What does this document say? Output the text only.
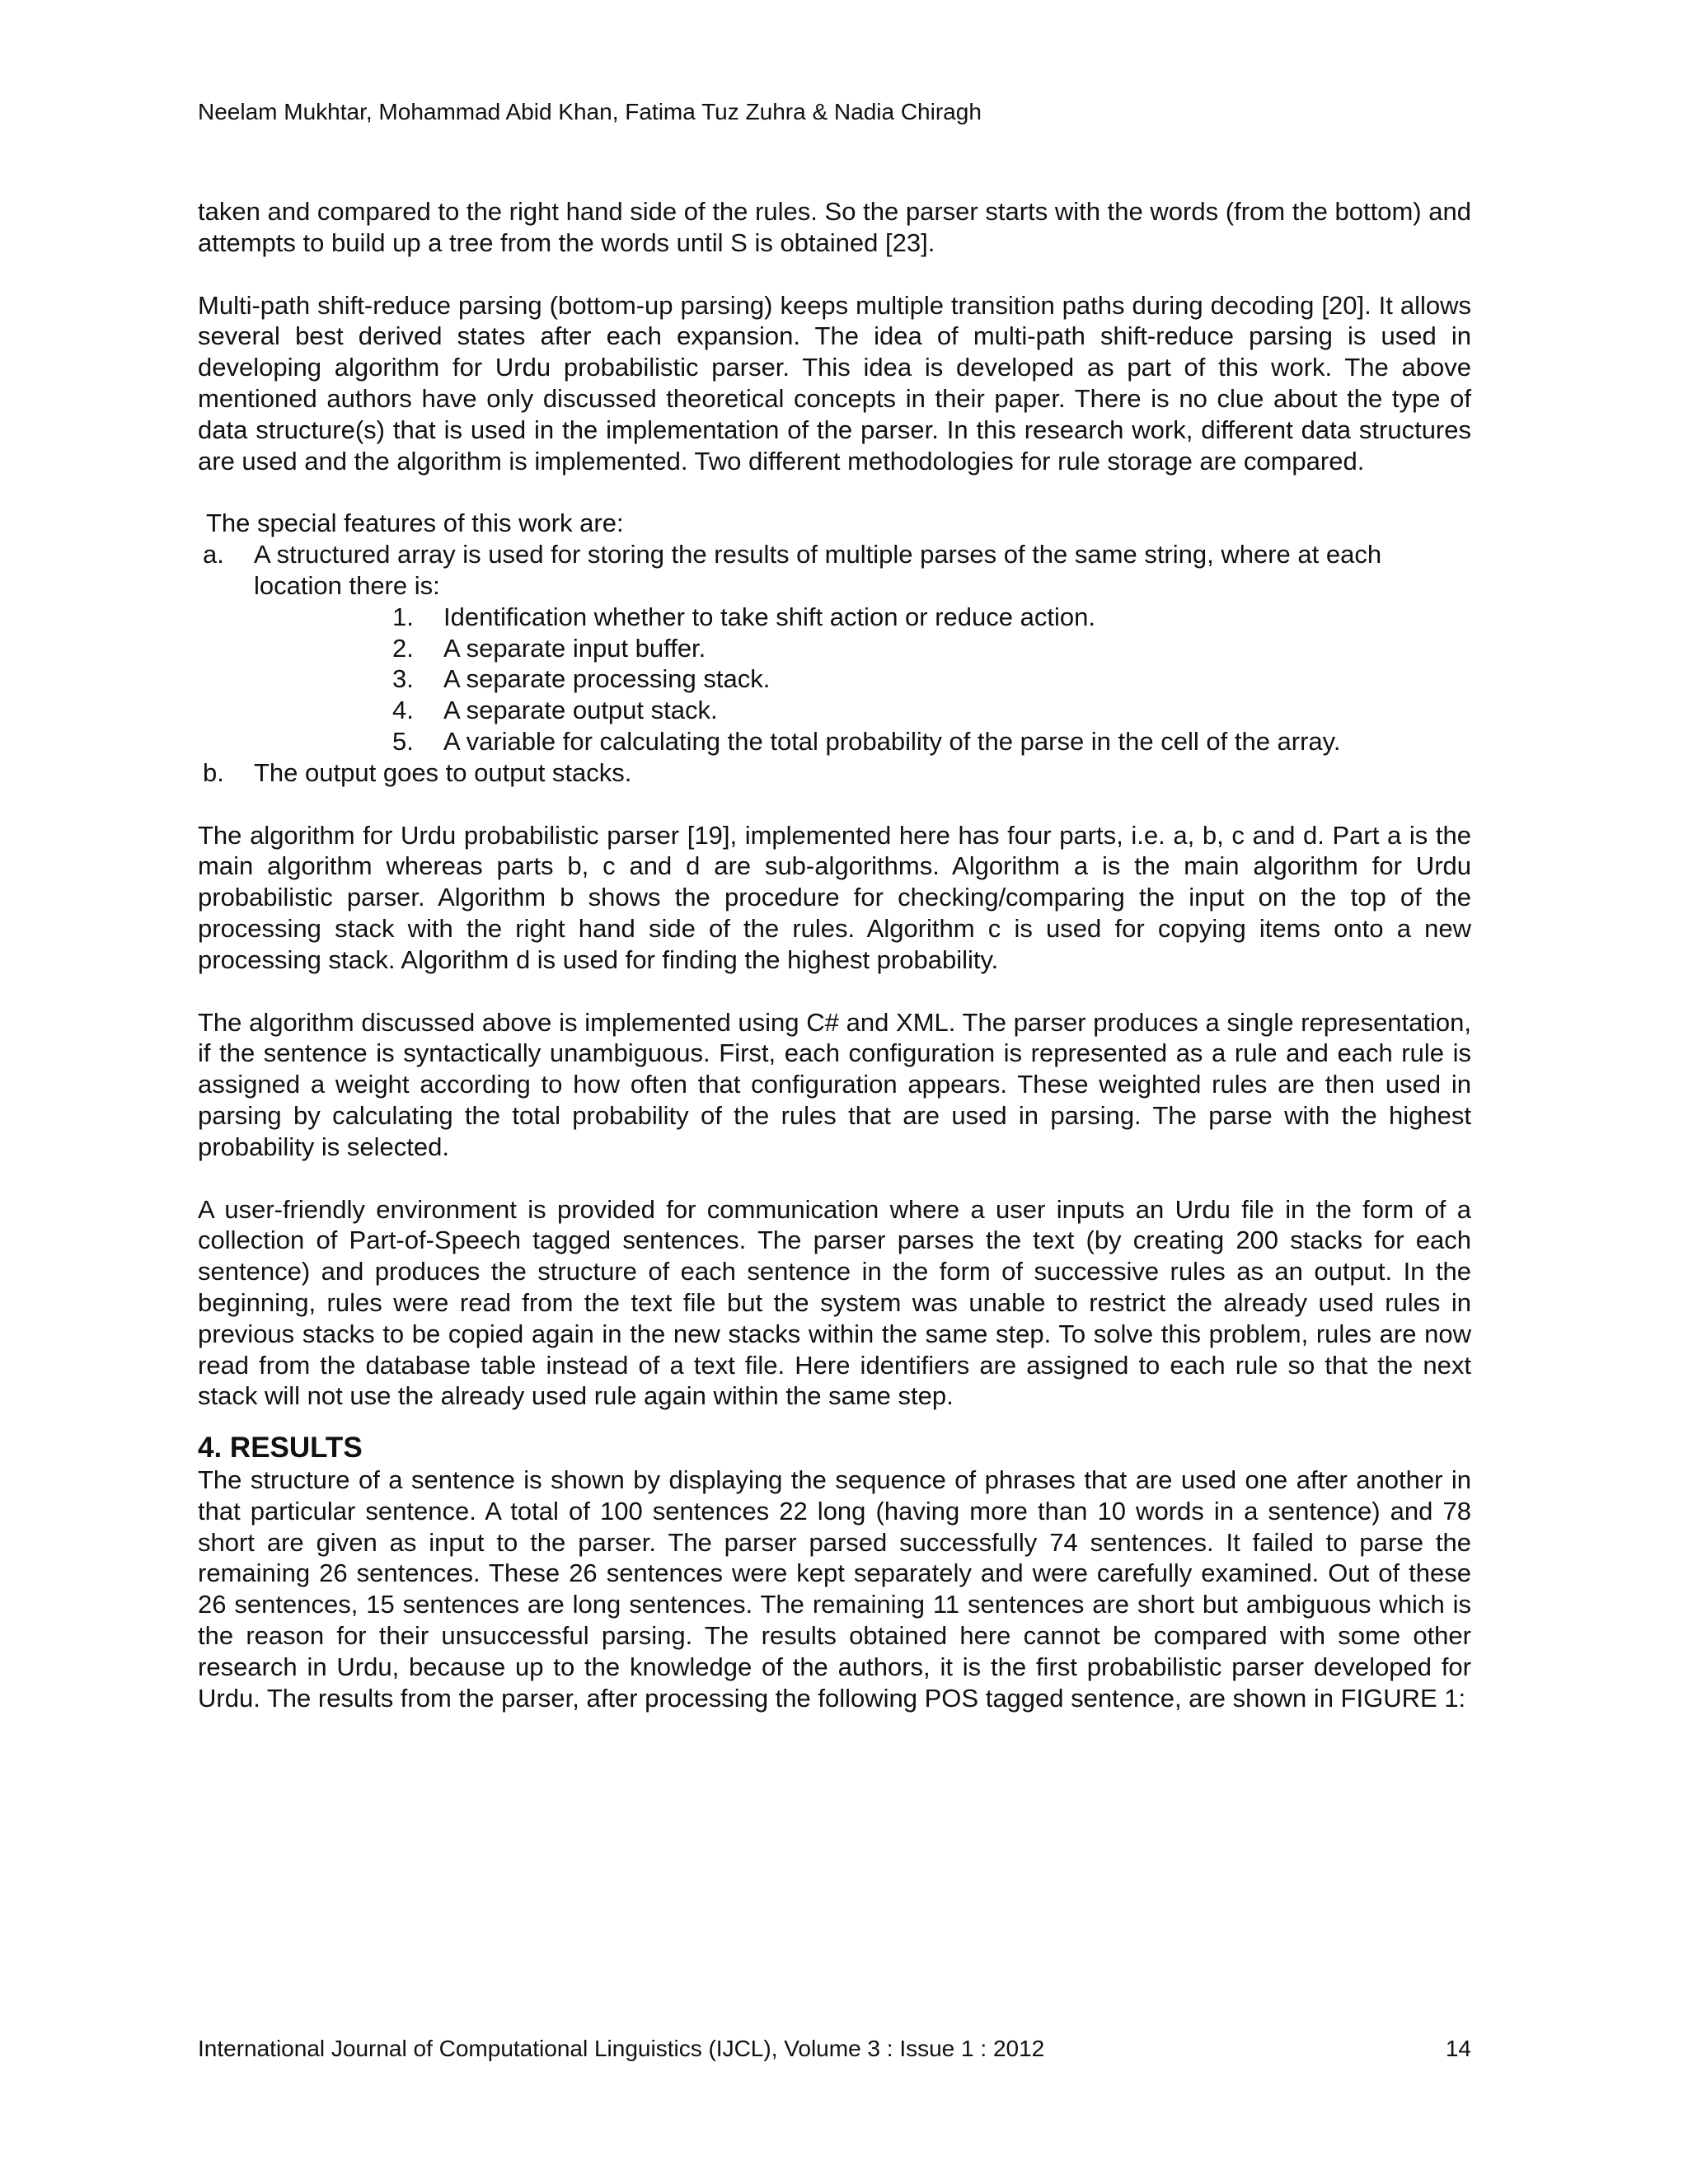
Neelam Mukhtar, Mohammad Abid Khan, Fatima Tuz Zuhra & Nadia Chiragh

taken and compared to the right hand side of the rules. So the parser starts with the words (from the bottom) and attempts to build up a tree from the words until S is obtained [23].

Multi-path shift-reduce parsing (bottom-up parsing) keeps multiple transition paths during decoding [20]. It allows several best derived states after each expansion. The idea of multi-path shift-reduce parsing is used in developing algorithm for Urdu probabilistic parser. This idea is developed as part of this work. The above mentioned authors have only discussed theoretical concepts in their paper. There is no clue about the type of data structure(s) that is used in the implementation of the parser. In this research work, different data structures are used and the algorithm is implemented. Two different methodologies for rule storage are compared.

The special features of this work are:

a. A structured array is used for storing the results of multiple parses of the same string, where at each location there is:
1. Identification whether to take shift action or reduce action.
2. A separate input buffer.
3. A separate processing stack.
4. A separate output stack.
5. A variable for calculating the total probability of the parse in the cell of the array.
b. The output goes to output stacks.

The algorithm for Urdu probabilistic parser [19], implemented here has four parts, i.e. a, b, c and d. Part a is the main algorithm whereas parts b, c and d are sub-algorithms. Algorithm a is the main algorithm for Urdu probabilistic parser. Algorithm b shows the procedure for checking/comparing the input on the top of the processing stack with the right hand side of the rules. Algorithm c is used for copying items onto a new processing stack. Algorithm d is used for finding the highest probability.

The algorithm discussed above is implemented using C# and XML. The parser produces a single representation, if the sentence is syntactically unambiguous. First, each configuration is represented as a rule and each rule is assigned a weight according to how often that configuration appears. These weighted rules are then used in parsing by calculating the total probability of the rules that are used in parsing. The parse with the highest probability is selected.

A user-friendly environment is provided for communication where a user inputs an Urdu file in the form of a collection of Part-of-Speech tagged sentences. The parser parses the text (by creating 200 stacks for each sentence) and produces the structure of each sentence in the form of successive rules as an output. In the beginning, rules were read from the text file but the system was unable to restrict the already used rules in previous stacks to be copied again in the new stacks within the same step. To solve this problem, rules are now read from the database table instead of a text file. Here identifiers are assigned to each rule so that the next stack will not use the already used rule again within the same step.

4. RESULTS

The structure of a sentence is shown by displaying the sequence of phrases that are used one after another in that particular sentence. A total of 100 sentences 22 long (having more than 10 words in a sentence) and 78 short are given as input to the parser. The parser parsed successfully 74 sentences. It failed to parse the remaining 26 sentences. These 26 sentences were kept separately and were carefully examined. Out of these 26 sentences, 15 sentences are long sentences. The remaining 11 sentences are short but ambiguous which is the reason for their unsuccessful parsing. The results obtained here cannot be compared with some other research in Urdu, because up to the knowledge of the authors, it is the first probabilistic parser developed for Urdu. The results from the parser, after processing the following POS tagged sentence, are shown in FIGURE 1:

International Journal of Computational Linguistics (IJCL), Volume 3 : Issue 1 : 2012	14
